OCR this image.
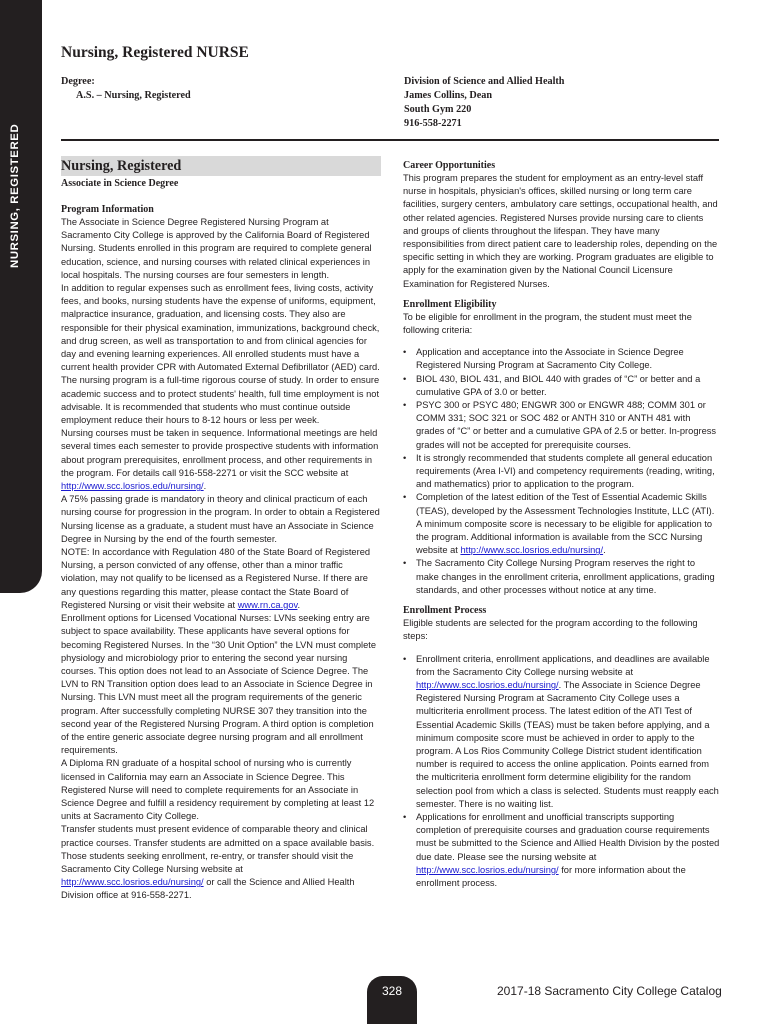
NURSING, REGISTERED
Nursing, Registered NURSE
Degree:
A.S. – Nursing, Registered
Division of Science and Allied Health
James Collins, Dean
South Gym 220
916-558-2271
Nursing, Registered
Associate in Science Degree
Program Information

The Associate in Science Degree Registered Nursing Program at Sacramento City College is approved by the California Board of Registered Nursing. Students enrolled in this program are required to complete general education, science, and nursing courses with related clinical experiences in local hospitals. The nursing courses are four semesters in length.

In addition to regular expenses such as enrollment fees, living costs, activity fees, and books, nursing students have the expense of uniforms, equipment, malpractice insurance, graduation, and licensing costs. They also are responsible for their physical examination, immunizations, background check, and drug screen, as well as transportation to and from clinical agencies for day and evening learning experiences. All enrolled students must have a current health provider CPR with Automated External Defibrillator (AED) card. The nursing program is a full-time rigorous course of study. In order to ensure academic success and to protect students' health, full time employment is not advisable. It is recommended that students who must continue outside employment reduce their hours to 8-12 hours or less per week.

Nursing courses must be taken in sequence. Informational meetings are held several times each semester to provide prospective students with information about program prerequisites, enrollment process, and other requirements in the program. For details call 916-558-2271 or visit the SCC website at http://www.scc.losrios.edu/nursing/.

A 75% passing grade is mandatory in theory and clinical practicum of each nursing course for progression in the program. In order to obtain a Registered Nursing license as a graduate, a student must have an Associate in Science Degree in Nursing by the end of the fourth semester.

NOTE: In accordance with Regulation 480 of the State Board of Registered Nursing, a person convicted of any offense, other than a minor traffic violation, may not qualify to be licensed as a Registered Nurse. If there are any questions regarding this matter, please contact the State Board of Registered Nursing or visit their website at www.rn.ca.gov.

Enrollment options for Licensed Vocational Nurses: LVNs seeking entry are subject to space availability. These applicants have several options for becoming Registered Nurses. In the “30 Unit Option” the LVN must complete physiology and microbiology prior to entering the second year nursing courses. This option does not lead to an Associate of Science Degree. The LVN to RN Transition option does lead to an Associate in Science Degree in Nursing. This LVN must meet all the program requirements of the generic program. After successfully completing NURSE 307 they transition into the second year of the Registered Nursing Program. A third option is completion of the entire generic associate degree nursing program and all enrollment requirements.

A Diploma RN graduate of a hospital school of nursing who is currently licensed in California may earn an Associate in Science Degree. This Registered Nurse will need to complete requirements for an Associate in Science Degree and fulfill a residency requirement by completing at least 12 units at Sacramento City College.

Transfer students must present evidence of comparable theory and clinical practice courses. Transfer students are admitted on a space available basis.

Those students seeking enrollment, re-entry, or transfer should visit the Sacramento City College Nursing website at http://www.scc.losrios.edu/nursing/ or call the Science and Allied Health Division office at 916-558-2271.

Career Opportunities

This program prepares the student for employment as an entry-level staff nurse in hospitals, physician's offices, skilled nursing or long term care facilities, surgery centers, ambulatory care settings, occupational health, and other related agencies. Registered Nurses provide nursing care to clients and groups of clients throughout the lifespan. They have many responsibilities from direct patient care to leadership roles, depending on the specific setting in which they are working. Program graduates are eligible to apply for the examination given by the National Council Licensure Examination for Registered Nurses.

Enrollment Eligibility

To be eligible for enrollment in the program, the student must meet the following criteria:

• Application and acceptance into the Associate in Science Degree Registered Nursing Program at Sacramento City College.
• BIOL 430, BIOL 431, and BIOL 440 with grades of “C” or better and a cumulative GPA of 3.0 or better.
• PSYC 300 or PSYC 480; ENGWR 300 or ENGWR 488; COMM 301 or COMM 331; SOC 321 or SOC 482 or ANTH 310 or ANTH 481 with grades of “C” or better and a cumulative GPA of 2.5 or better. In-progress grades will not be accepted for prerequisite courses.
• It is strongly recommended that students complete all general education requirements (Area I-VI) and competency requirements (reading, writing, and mathematics) prior to application to the program.
• Completion of the latest edition of the Test of Essential Academic Skills (TEAS), developed by the Assessment Technologies Institute, LLC (ATI). A minimum composite score is necessary to be eligible for application to the program. Additional information is available from the SCC Nursing website at http://www.scc.losrios.edu/nursing/.
• The Sacramento City College Nursing Program reserves the right to make changes in the enrollment criteria, enrollment applications, grading standards, and other processes without notice at any time.
Enrollment Process

Eligible students are selected for the program according to the following steps:

• Enrollment criteria, enrollment applications, and deadlines are available from the Sacramento City College nursing website at http://www.scc.losrios.edu/nursing/. The Associate in Science Degree Registered Nursing Program at Sacramento City College uses a multicriteria enrollment process. The latest edition of the ATI Test of Essential Academic Skills (TEAS) must be taken before applying, and a minimum composite score must be achieved in order to apply to the program. A Los Rios Community College District student identification number is required to access the online application. Points earned from the multicriteria enrollment form determine eligibility for the random selection pool from which a class is selected. Students must reapply each semester. There is no waiting list.
• Applications for enrollment and unofficial transcripts supporting completion of prerequisite courses and graduation course requirements must be submitted to the Science and Allied Health Division by the posted due date. Please see the nursing website at http://www.scc.losrios.edu/nursing/ for more information about the enrollment process.
328	2017-18 Sacramento City College Catalog
